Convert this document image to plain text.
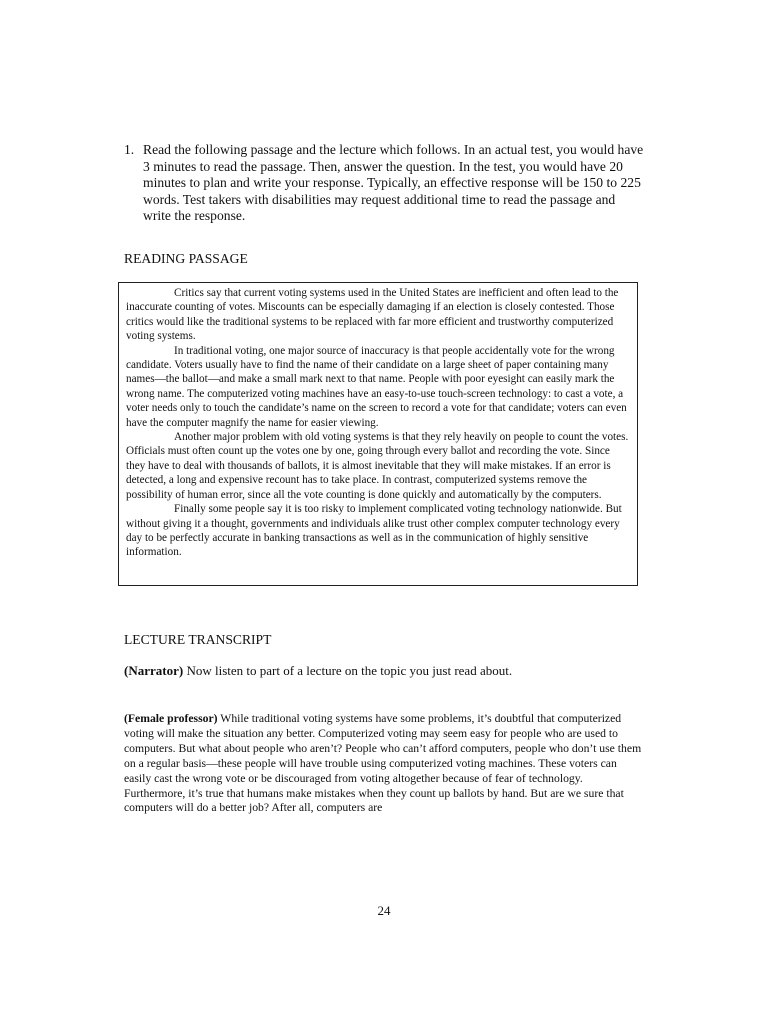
1. Read the following passage and the lecture which follows. In an actual test, you would have 3 minutes to read the passage. Then, answer the question. In the test, you would have 20 minutes to plan and write your response. Typically, an effective response will be 150 to 225 words. Test takers with disabilities may request additional time to read the passage and write the response.
READING PASSAGE

Critics say that current voting systems used in the United States are inefficient and often lead to the inaccurate counting of votes. Miscounts can be especially damaging if an election is closely contested. Those critics would like the traditional systems to be replaced with far more efficient and trustworthy computerized voting systems.

In traditional voting, one major source of inaccuracy is that people accidentally vote for the wrong candidate. Voters usually have to find the name of their candidate on a large sheet of paper containing many names—the ballot—and make a small mark next to that name. People with poor eyesight can easily mark the wrong name. The computerized voting machines have an easy-to-use touch-screen technology: to cast a vote, a voter needs only to touch the candidate’s name on the screen to record a vote for that candidate; voters can even have the computer magnify the name for easier viewing.

Another major problem with old voting systems is that they rely heavily on people to count the votes. Officials must often count up the votes one by one, going through every ballot and recording the vote. Since they have to deal with thousands of ballots, it is almost inevitable that they will make mistakes. If an error is detected, a long and expensive recount has to take place. In contrast, computerized systems remove the possibility of human error, since all the vote counting is done quickly and automatically by the computers.

Finally some people say it is too risky to implement complicated voting technology nationwide. But without giving it a thought, governments and individuals alike trust other complex computer technology every day to be perfectly accurate in banking transactions as well as in the communication of highly sensitive information.

LECTURE TRANSCRIPT
(Narrator) Now listen to part of a lecture on the topic you just read about.
(Female professor) While traditional voting systems have some problems, it’s doubtful that computerized voting will make the situation any better. Computerized voting may seem easy for people who are used to computers. But what about people who aren’t? People who can’t afford computers, people who don’t use them on a regular basis—these people will have trouble using computerized voting machines. These voters can easily cast the wrong vote or be discouraged from voting altogether because of fear of technology. Furthermore, it’s true that humans make mistakes when they count up ballots by hand. But are we sure that computers will do a better job? After all, computers are
24
